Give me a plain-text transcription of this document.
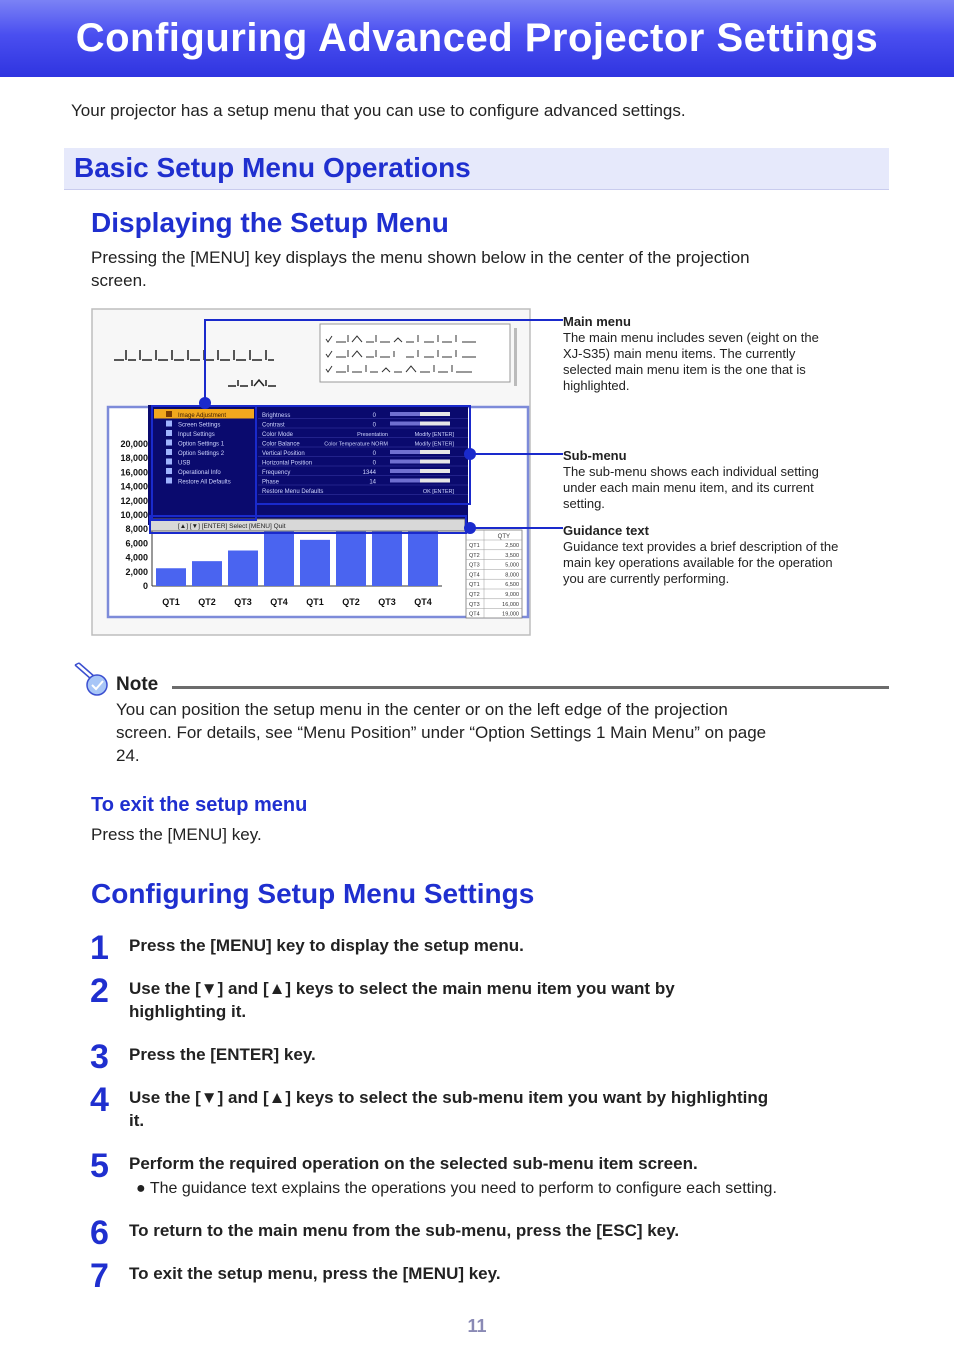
Configuring Advanced Projector Settings
Your projector has a setup menu that you can use to configure advanced settings.
Basic Setup Menu Operations
Displaying the Setup Menu
Pressing the [MENU] key displays the menu shown below in the center of the projection
screen.
20,000
18,000
16,000
14,000
12,000
10,000
8,000
6,000
4,000
2,000
0
QT1 QT2 QT3 QT4 QT1 QT2 QT3 QT4
QTY
QT1	2,500
QT2	3,500
QT3	5,000
QT4	8,000
QT1	6,500
QT2	9,000
QT3	16,000
QT4	19,000
Image Adjustment
Screen Settings
Input Settings
Option Settings 1
Option Settings 2
USB
Operational Info
Restore All Defaults
Brightness	0
Contrast	0
Color Mode	Presentation	Modify [ENTER]
Color Balance	Color Temperature NORM	Modify [ENTER]
Vertical Position	0
Horizontal Position	0
Frequency	1344
Phase	14
Restore Menu Defaults	OK [ENTER]
[▲] [▼] [ENTER] Select [MENU] Quit
Main menu
The main menu includes seven (eight on the
XJ-S35) main menu items. The currently
selected main menu item is the one that is
highlighted.
Sub-menu
The sub-menu shows each individual setting
under each main menu item, and its current
setting.
Guidance text
Guidance text provides a brief description of the
main key operations available for the operation
you are currently performing.
Note
You can position the setup menu in the center or on the left edge of the projection
screen. For details, see “Menu Position” under “Option Settings 1 Main Menu” on page
24.
To exit the setup menu
Press the [MENU] key.
Configuring Setup Menu Settings
1 Press the [MENU] key to display the setup menu.
2 Use the [▼] and [▲] keys to select the main menu item you want by
highlighting it.
3 Press the [ENTER] key.
4 Use the [▼] and [▲] keys to select the sub-menu item you want by highlighting
it.
5 Perform the required operation on the selected sub-menu item screen.
● The guidance text explains the operations you need to perform to configure each setting.
6 To return to the main menu from the sub-menu, press the [ESC] key.
7 To exit the setup menu, press the [MENU] key.
11
